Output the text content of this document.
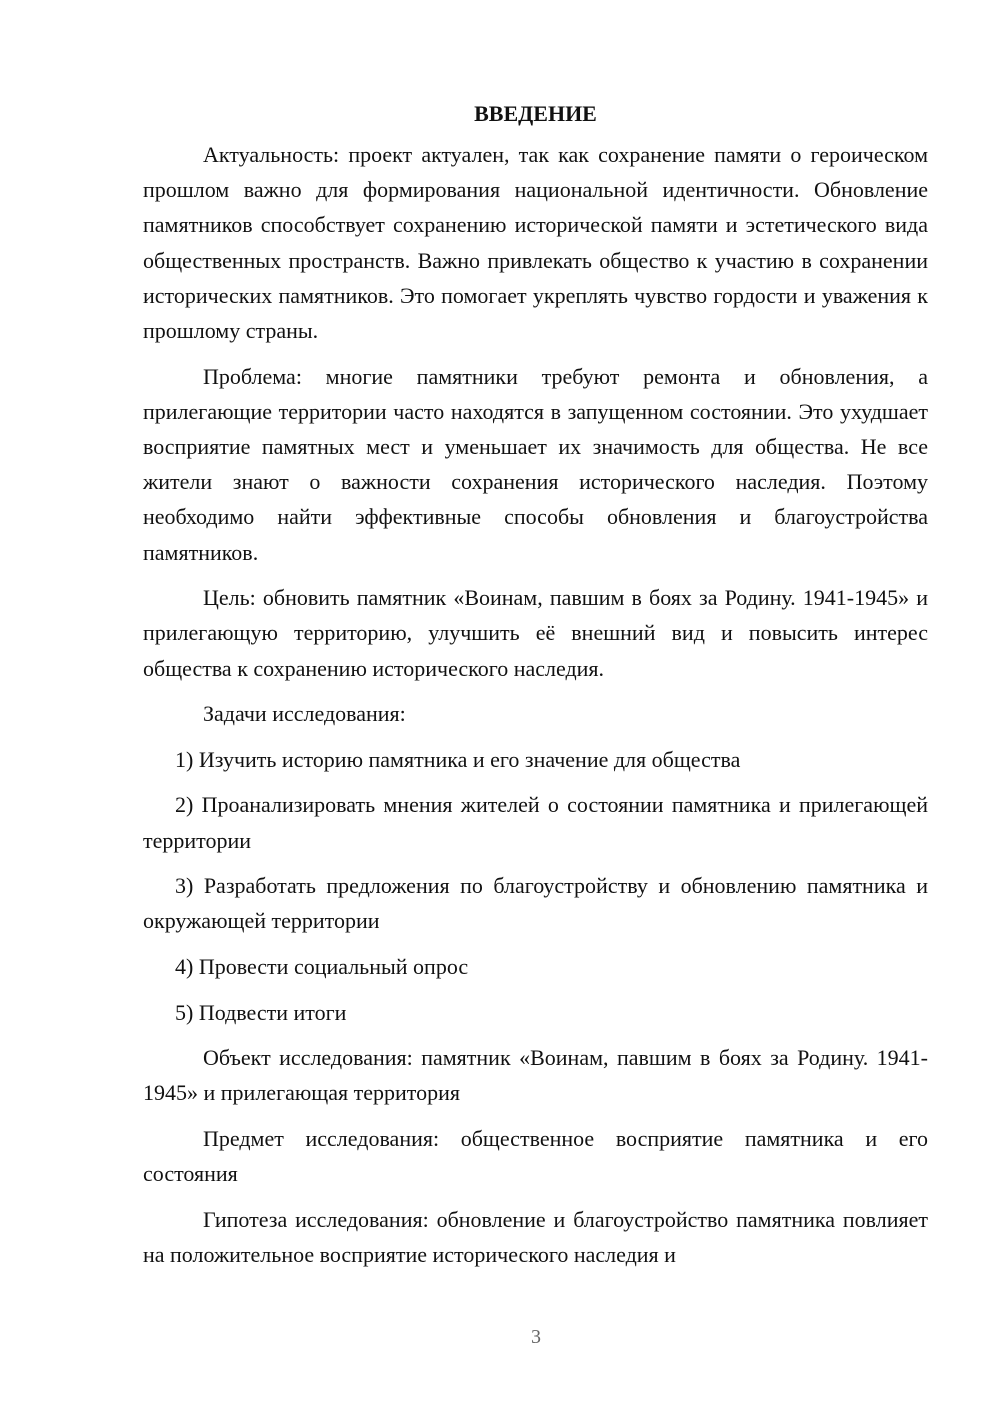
ВВЕДЕНИЕ

Актуальность: проект актуален, так как сохранение памяти о героическом прошлом важно для формирования национальной идентичности. Обновление памятников способствует сохранению исторической памяти и эстетического вида общественных пространств. Важно привлекать общество к участию в сохранении исторических памятников. Это помогает укреплять чувство гордости и уважения к прошлому страны.

Проблема: многие памятники требуют ремонта и обновления, а прилегающие территории часто находятся в запущенном состоянии. Это ухудшает восприятие памятных мест и уменьшает их значимость для общества. Не все жители знают о важности сохранения исторического наследия. Поэтому необходимо найти эффективные способы обновления и благоустройства памятников.

Цель: обновить памятник «Воинам, павшим в боях за Родину. 1941-1945» и прилегающую территорию, улучшить её внешний вид и повысить интерес общества к сохранению исторического наследия.

Задачи исследования:

1) Изучить историю памятника и его значение для общества

2) Проанализировать мнения жителей о состоянии памятника и прилегающей территории

3) Разработать предложения по благоустройству и обновлению памятника и окружающей территории

4) Провести социальный опрос

5) Подвести итоги

Объект исследования: памятник «Воинам, павшим в боях за Родину. 1941-1945» и прилегающая территория

Предмет исследования: общественное восприятие памятника и его состояния

Гипотеза исследования: обновление и благоустройство памятника повлияет на положительное восприятие исторического наследия и

3
